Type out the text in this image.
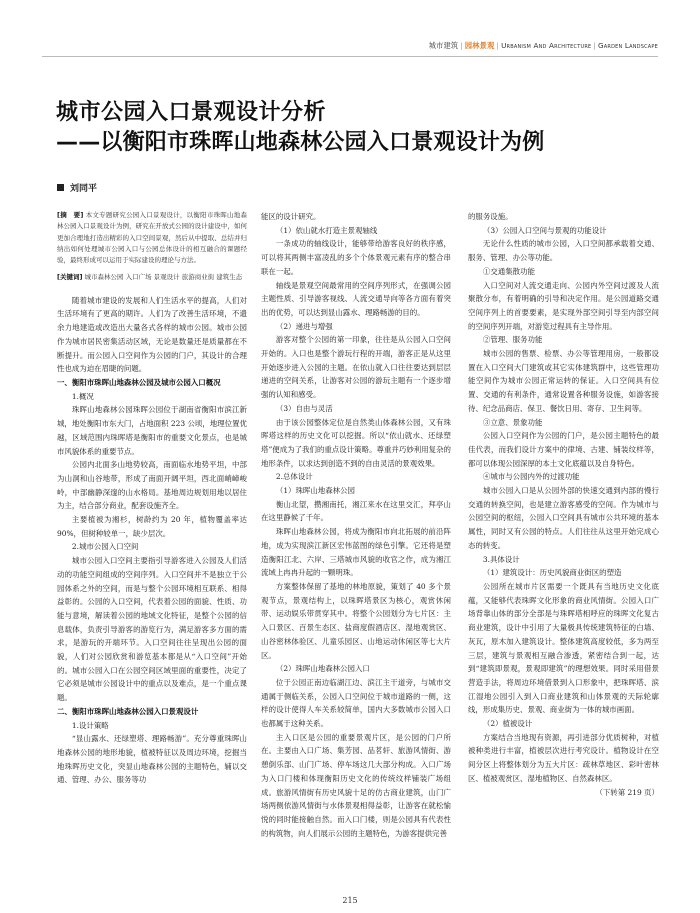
城市建筑 | 园林景观 | Urbanism And Architecture | Garden Landscape
城市公园入口景观设计分析
——以衡阳市珠晖山地森林公园入口景观设计为例
刘同平

[摘　要] 本文专题研究公园入口景观设计，以衡阳市珠晖山地森林公园入口景观设计为例，研究在开放式公园的设计建设中，如何更加合理地打造出精彩的入口空间景观，然后从中提取、总结并归纳出如何处理城市公园入口与公园总体设计的相互融合的课题经验，最终形成可以运用于实际建设的理论与方法。

[关键词] 城市森林公园 入口广场 景观设计 旅游商业街 建筑生态

随着城市建设的发展和人们生活水平的提高，人们对生活环境有了更高的期许。人们为了改善生活环境，不遗余力地建造或改造出大量各式各样的城市公园。城市公园作为城市居民密集活动区域，无论是数量还是质量都在不断提升。而公园入口空间作为公园的门户，其设计的合理性也成为迫在眉睫的问题。

一、衡阳市珠晖山地森林公园及城市公园入口概况

1.概况

珠晖山地森林公园珠晖公园位于湖南省衡阳市滨江新城，地处衡阳市东大门，占地面积 223 公顷，地理位置优越，区域范围内珠晖塔是衡阳市的重要文化景点，也是城市风貌体系的重要节点。

公园内北面多山地势较高，南面临水地势平坦，中部为山洞和山谷地带，形成了南面开阔平坦，西北面峭嶂峻岭，中部幽静深邃的山水格局。基地周边规划用地以居住为主，结合部分商业，配套设施齐全。

主要植被为湘杉，树龄约为 20 年，植物覆盖率达 90%，但树种较单一，缺少层次。

2.城市公园入口空间

城市公园入口空间主要指引导游客进入公园及人们活动的功能空间组成的空间序列。入口空间并不是独立于公园体系之外的空间，而是与整个公园环境相互联系、相得益彰的。公园的入口空间，代表着公园的面貌、性质、功能与意境，解读着公园的地域文化特征，是整个公园的信息载体，负责引导游客的游览行为，满足游客多方面的需求，是游玩的开端环节。入口空间往往呈现出公园的面貌，人们对公园欣赏和游览基本都是从“入口空间”开始的。城市公园入口在公园空间区域里面的重要性，决定了它必须是城市公园设计中的重点以及难点，是一个重点课题。

二、衡阳市珠晖山地森林公园入口景观设计

1.设计策略

“显山露水、还绿塑塔、理路畅游”。充分尊重珠晖山地森林公园的地形地貌，植被特征以及周边环境，挖掘当地珠晖历史文化，突显山地森林公园的主题特色，辅以交通、管理、办公、服务等功

能区的设计研究。

（1）依山就水打造主景观轴线

一条成功的轴线设计，能够带给游客良好的秩序感，可以将其两侧丰富凌乱的多个个体景观元素有序的整合串联在一起。

轴线是景观空间最常用的空间序列形式，在强调公园主题性质、引导游客视线、人流交通导向等各方面有着突出的优势，可以达到显山露水、理路畅游的目的。

（2）递进与增强

游客对整个公园的第一印象，往往是从公园入口空间开始的。入口也是整个游玩行程的开端，游客正是从这里开始逐步进入公园的主题。在依山就入口往往要达到层层递进的空间关系，让游客对公园的游玩主题有一个逐步增强的认知和感受。

（3）自由与灵活

由于该公园整体定位是自然类山体森林公园，又有珠晖塔这样的历史文化可以挖掘。所以“依山就水、还绿塑塔”便成为了我们的重点设计策略。尊重并巧妙利用复杂的地形条件，以求达到创造不到的自由灵活的景观效果。

2.总体设计

（1）珠晖山地森林公园

衡山北望，攒湘南托，湘江来水在这里交汇，拜亭山在这里静候了千年。

珠晖山地森林公园，将成为衡阳市向北拓展的前沿阵地，成为实现滨江新区宏伟蓝图的绿色引擎。它还将是塑造衡阳江北、六岸、三塔城市风貌的收官之作，成为湘江流域上冉冉升起的一颗明珠。

方案整体保留了基地的林地原貌，策划了 40 多个景观节点，景观结构上，以珠晖塔景区为核心，观赏休闲带、运动娱乐带贯穿其中。将整个公园划分为七片区：主入口景区、百景生态区、盐商度假酒店区、湿地观赏区、山谷密林体验区、儿童乐园区、山地运动休闲区等七大片区。

（2）珠晖山地森林公园入口

位于公园正南边临湖江边、滨江主干道旁，与城市交通属于侧临关系，公园入口空间位于城市道路的一侧，这样的设计使得人车关系较简单，国内大多数城市公园入口也都属于这种关系。

主入口区是公园的重要景观片区，是公园的门户所在。主要由入口广场、集芳园、品茗轩、旅游风情街、游憩倒乐部、山门广场、停车场这几大部分构成。入口广场为入口门楼和体现衡阳历史文化的传统纹样铺装广场组成。旅游风情街有历史风貌十足的仿古商业建筑，山门广场两侧依游风情街与水体景观相得益彰，让游客在就松愉悦的同时能接触自然。而入口门楼，则是公园具有代表性的构筑物，向人们展示公园的主题特色，为游客提供完善

的服务设施。

（3）公园入口空间与景观的功能设计

无论什么性质的城市公园，入口空间都承载着交通、服务、管理、办公等功能。

①交通集散功能

入口空间对人流交通走向、公园内外空间过渡及人流聚散分布，有着明确的引导和决定作用。是公园道路交通空间序列上的首要要素，是实现外部空间引导至内部空间的空间序列开端，对游览过程具有主导作用。

②管理、服务功能

城市公园的售票、检票、办公等管理用房，一般都设置在入口空间大门建筑或其它实体建筑群中，这些管理功能空间作为城市公园正常运转的保证。入口空间具有位置、交通的有利条件，通常设置各种服务设施，如游客接待、纪念品商店、保卫、餐饮日用、寄存、卫生间等。

③立意、景象功能

公园入口空间作为公园的门户，是公园主题特色的最佳代表，而我们设计方案中的律境、古建、铺装纹样等，都可以体现公园深厚的本土文化底蕴以及自身特色。

④城市与公园内外的过渡功能

城市公园入口是从公园外部的快速交通到内部的慢行交通的转换空间，也是建立游客感受的空间。作为城市与公园空间的枢纽，公园入口空间具有城市公共环境的基本属性，同时又有公园的特点。人们往往从这里开始完成心态的转变。

3.具体设计

（1）建筑设计：历史风貌商业街区的塑造

公园所在城市片区需要一个既具有当地历史文化底蕴，又能够代表珠晖文化形象的商业风情街。公园入口广场背靠山体的部分全部是与珠晖塔相呼应的珠晖文化复古商业建筑，设计中引用了大量极具传统建筑特征的白墙、灰瓦，原木加入建筑设计。整体建筑高度较低，多为两至三层，建筑与景观相互融合渗透，紧密结合到一起，达到“建筑即景观，景观即建筑”的理想效果。同时采用借景营造手法，将周边环境借景到入口形象中，把珠晖塔、滨江湿地公园引入到入口商业建筑和山体景观的天际轮廓线，形成集历史、景观、商业街为一体的城市画面。

（2）植被设计

方案结合当地现有资源，再引进部分优质树种，对植被种类进行丰富，植被层次进行考究设计。植物设计在空间分区上将整体划分为五大片区：疏林草地区、彩叶密林区、植被观赏区、湿地植物区、自然森林区。

（下转第 219 页）

215
